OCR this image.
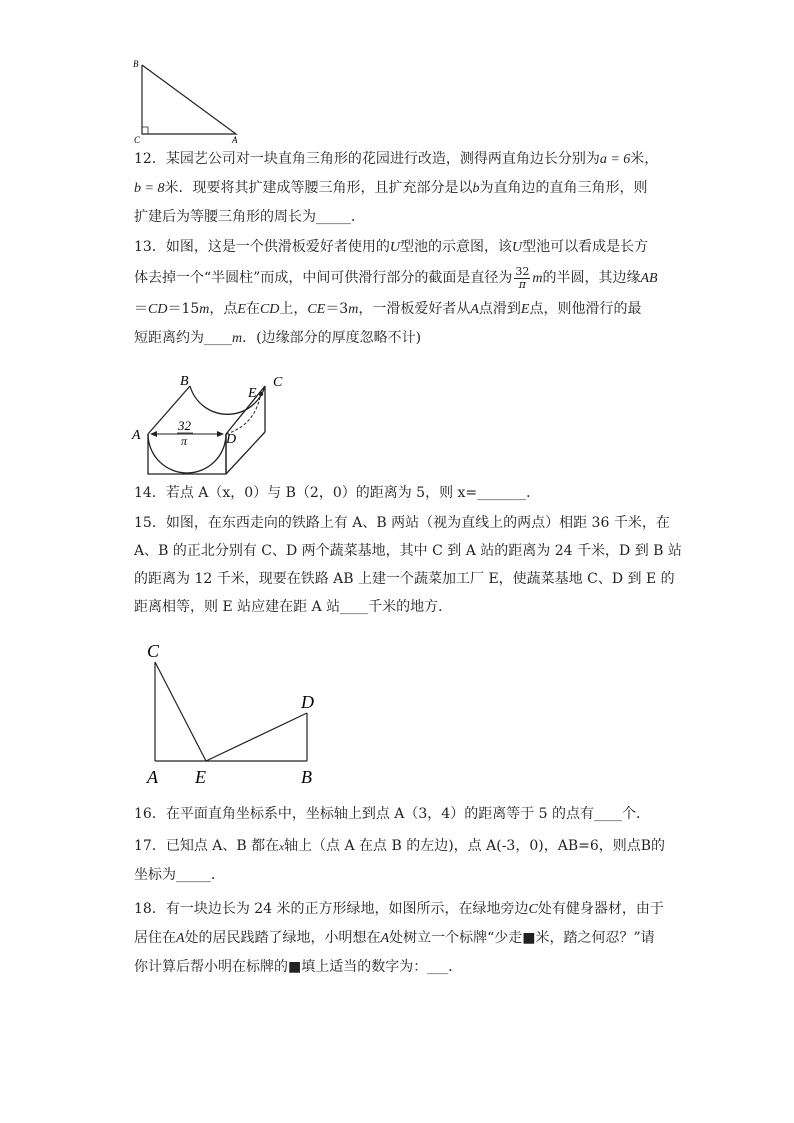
B
C	A
12．某园艺公司对一块直角三角形的花园进行改造，测得两直角边长分别为a = 6米，
b = 8米．现要将其扩建成等腰三角形，且扩充部分是以b为直角边的直角三角形，则
扩建后为等腰三角形的周长为_____．
13．如图，这是一个供滑板爱好者使用的U型池的示意图，该U型池可以看成是长方
体去掉一个“半圆柱”而成，中间可供滑行部分的截面是直径为 $\frac{32}{\pi}$ m的半圆，其边缘AB
＝CD＝15m，点E在CD上，CE＝3m，一滑板爱好者从A点滑到E点，则他滑行的最
短距离约为____m．(边缘部分的厚度忽略不计)
32
π
A
B	C
D
E
14．若点 A（x，0）与 B（2，0）的距离为 5，则 x=_______．
15．如图，在东西走向的铁路上有 A、B 两站（视为直线上的两点）相距 36 千米，在
A、B 的正北分别有 C、D 两个蔬菜基地，其中 C 到 A 站的距离为 24 千米，D 到 B 站
的距离为 12 千米，现要在铁路 AB 上建一个蔬菜加工厂 E，使蔬菜基地 C、D 到 E 的
距离相等，则 E 站应建在距 A 站____千米的地方．
C
D
A E	B
16．在平面直角坐标系中，坐标轴上到点 A（3，4）的距离等于 5 的点有____个．
17．已知点 A、B 都在x轴上（点 A 在点 B 的左边)，点 A(-3，0)，AB=6，则点B的
坐标为_____．
18．有一块边长为 24 米的正方形绿地，如图所示，在绿地旁边C处有健身器材，由于
居住在A处的居民践踏了绿地，小明想在A处树立一个标牌“少走■米，踏之何忍？”请
你计算后帮小明在标牌的■填上适当的数字为：___．
